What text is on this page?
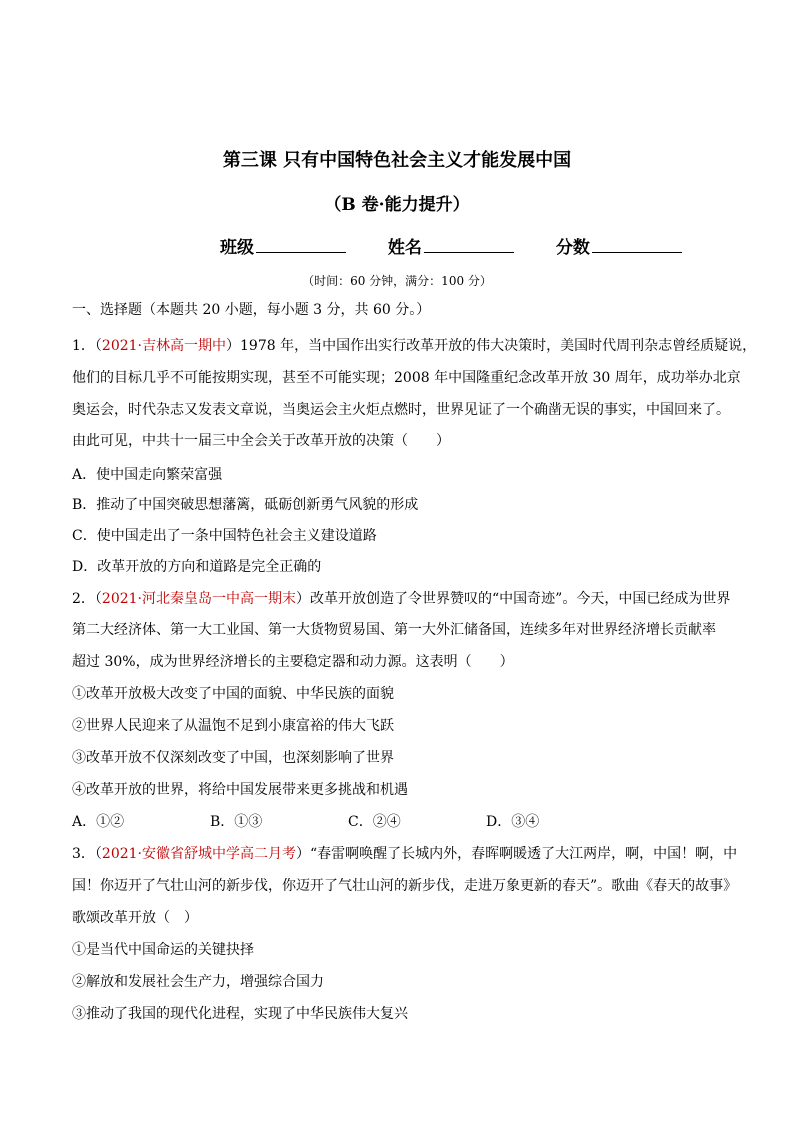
第三课 只有中国特色社会主义才能发展中国
（B 卷·能力提升）
班级	姓名	分数
（时间：60 分钟，满分：100 分）
一、选择题（本题共 20 小题，每小题 3 分，共 60 分。）
1．（2021·吉林高一期中）1978 年，当中国作出实行改革开放的伟大决策时，美国时代周刊杂志曾经质疑说，
他们的目标几乎不可能按期实现，甚至不可能实现；2008 年中国隆重纪念改革开放 30 周年，成功举办北京
奥运会，时代杂志又发表文章说，当奥运会主火炬点燃时，世界见证了一个确凿无误的事实，中国回来了。
由此可见，中共十一届三中全会关于改革开放的决策（　　）
A．使中国走向繁荣富强
B．推动了中国突破思想藩篱，砥砺创新勇气风貌的形成
C．使中国走出了一条中国特色社会主义建设道路
D．改革开放的方向和道路是完全正确的
2．（2021·河北秦皇岛一中高一期末）改革开放创造了令世界赞叹的“中国奇迹”。今天，中国已经成为世界
第二大经济体、第一大工业国、第一大货物贸易国、第一大外汇储备国，连续多年对世界经济增长贡献率
超过 30%，成为世界经济增长的主要稳定器和动力源。这表明（　　）
①改革开放极大改变了中国的面貌、中华民族的面貌
②世界人民迎来了从温饱不足到小康富裕的伟大飞跃
③改革开放不仅深刻改变了中国，也深刻影响了世界
④改革开放的世界，将给中国发展带来更多挑战和机遇
A．①②	B．①③	C．②④	D．③④
3．（2021·安徽省舒城中学高二月考）“春雷啊唤醒了长城内外，春晖啊暖透了大江两岸，啊，中国！啊，中
国！你迈开了气壮山河的新步伐，你迈开了气壮山河的新步伐，走进万象更新的春天”。歌曲《春天的故事》
歌颂改革开放（　）
①是当代中国命运的关键抉择
②解放和发展社会生产力，增强综合国力
③推动了我国的现代化进程，实现了中华民族伟大复兴
